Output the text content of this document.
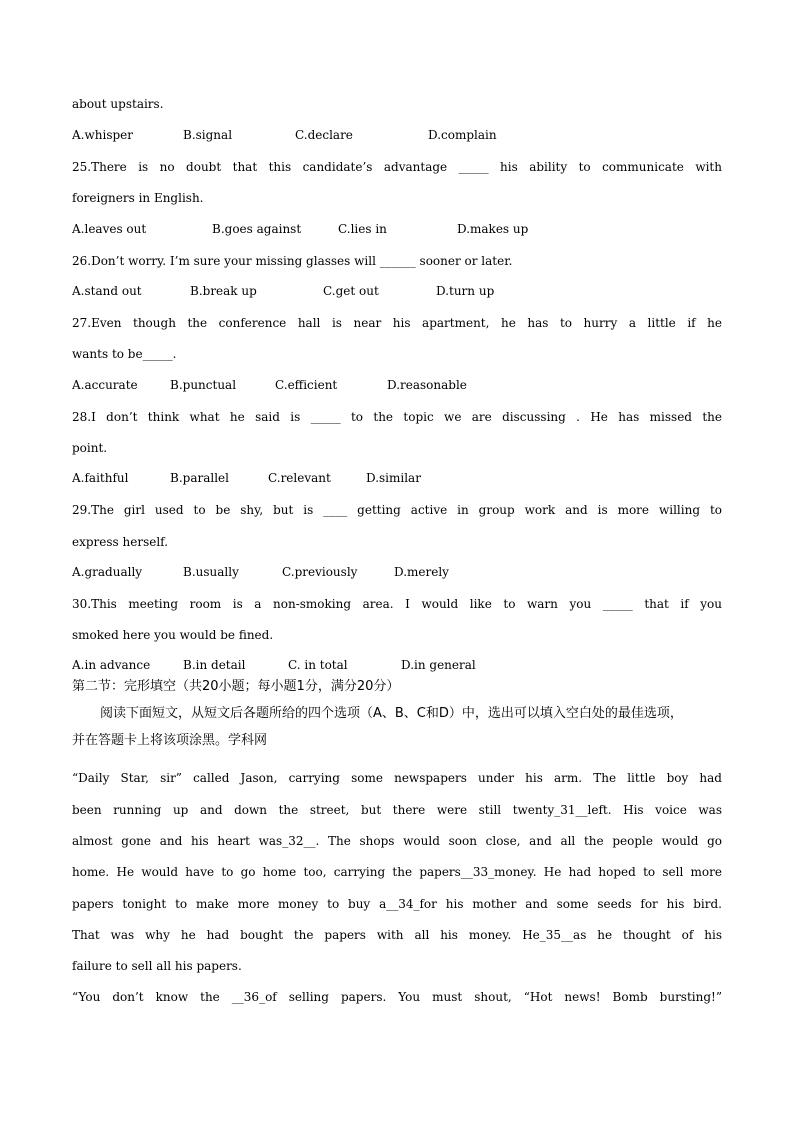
about upstairs.
A.whisper	B.signal	C.declare	D.complain
25.There is no doubt that this candidate’s advantage _____ his ability to communicate with
foreigners in English.
A.leaves out	B.goes against	C.lies in	D.makes up
26.Don’t worry. I’m sure your missing glasses will ______ sooner or later.
A.stand out	B.break up	C.get out	D.turn up
27.Even though the conference hall is near his apartment, he has to hurry a little if he
wants to be_____.
A.accurate	B.punctual	C.efficient	D.reasonable
28.I don’t think what he said is _____ to the topic we are discussing . He has missed the
point.
A.faithful	B.parallel	C.relevant	D.similar
29.The girl used to be shy, but is ____ getting active in group work and is more willing to
express herself.
A.gradually	B.usually	C.previously	D.merely
30.This meeting room is a non-smoking area. I would like to warn you _____ that if you
smoked here you would be fined.
A.in advance	B.in detail	C. in total	D.in general
第二节：完形填空（共20小题；每小题1分，满分20分）
阅读下面短文，从短文后各题所给的四个选项（A、B、C和D）中，选出可以填入空白处的最佳选项，
并在答题卡上将该项涂黑。学科网
“Daily Star, sir” called Jason, carrying some newspapers under his arm. The little boy had
been running up and down the street, but there were still twenty_31__left. His voice was
almost gone and his heart was_32__. The shops would soon close, and all the people would go
home. He would have to go home too, carrying the papers__33_money. He had hoped to sell more
papers tonight to make more money to buy a__34_for his mother and some seeds for his bird.
That was why he had bought the papers with all his money. He_35__as he thought of his
failure to sell all his papers.
“You don’t know the __36_of selling papers. You must shout, “Hot news! Bomb bursting!”
